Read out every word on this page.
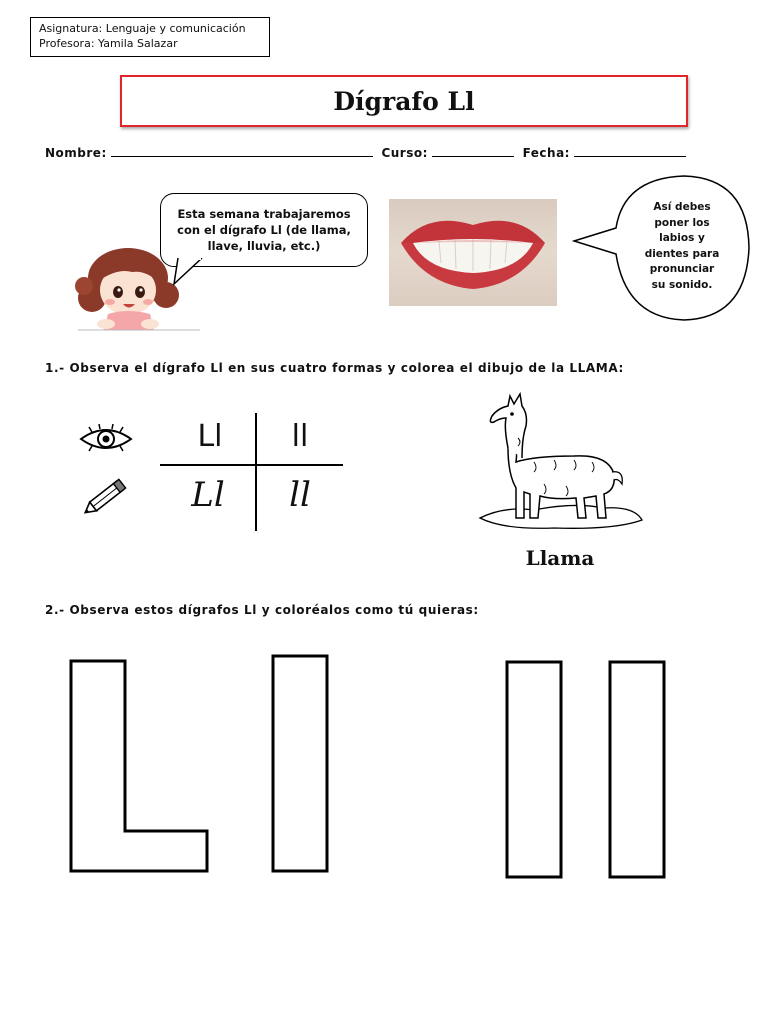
Asignatura: Lenguaje y comunicación
Profesora: Yamila Salazar
Dígrafo Ll
Nombre:	Curso:	Fecha:
Esta semana trabajaremos
con el dígrafo Ll (de llama,
llave, lluvia, etc.)
Así debes
poner los
labios y
dientes para
pronunciar
su sonido.
1.- Observa el dígrafo Ll en sus cuatro formas y colorea el dibujo de la LLAMA:
Ll	ll
Ll	ll
Llama
2.- Observa estos dígrafos Ll y coloréalos como tú quieras:
